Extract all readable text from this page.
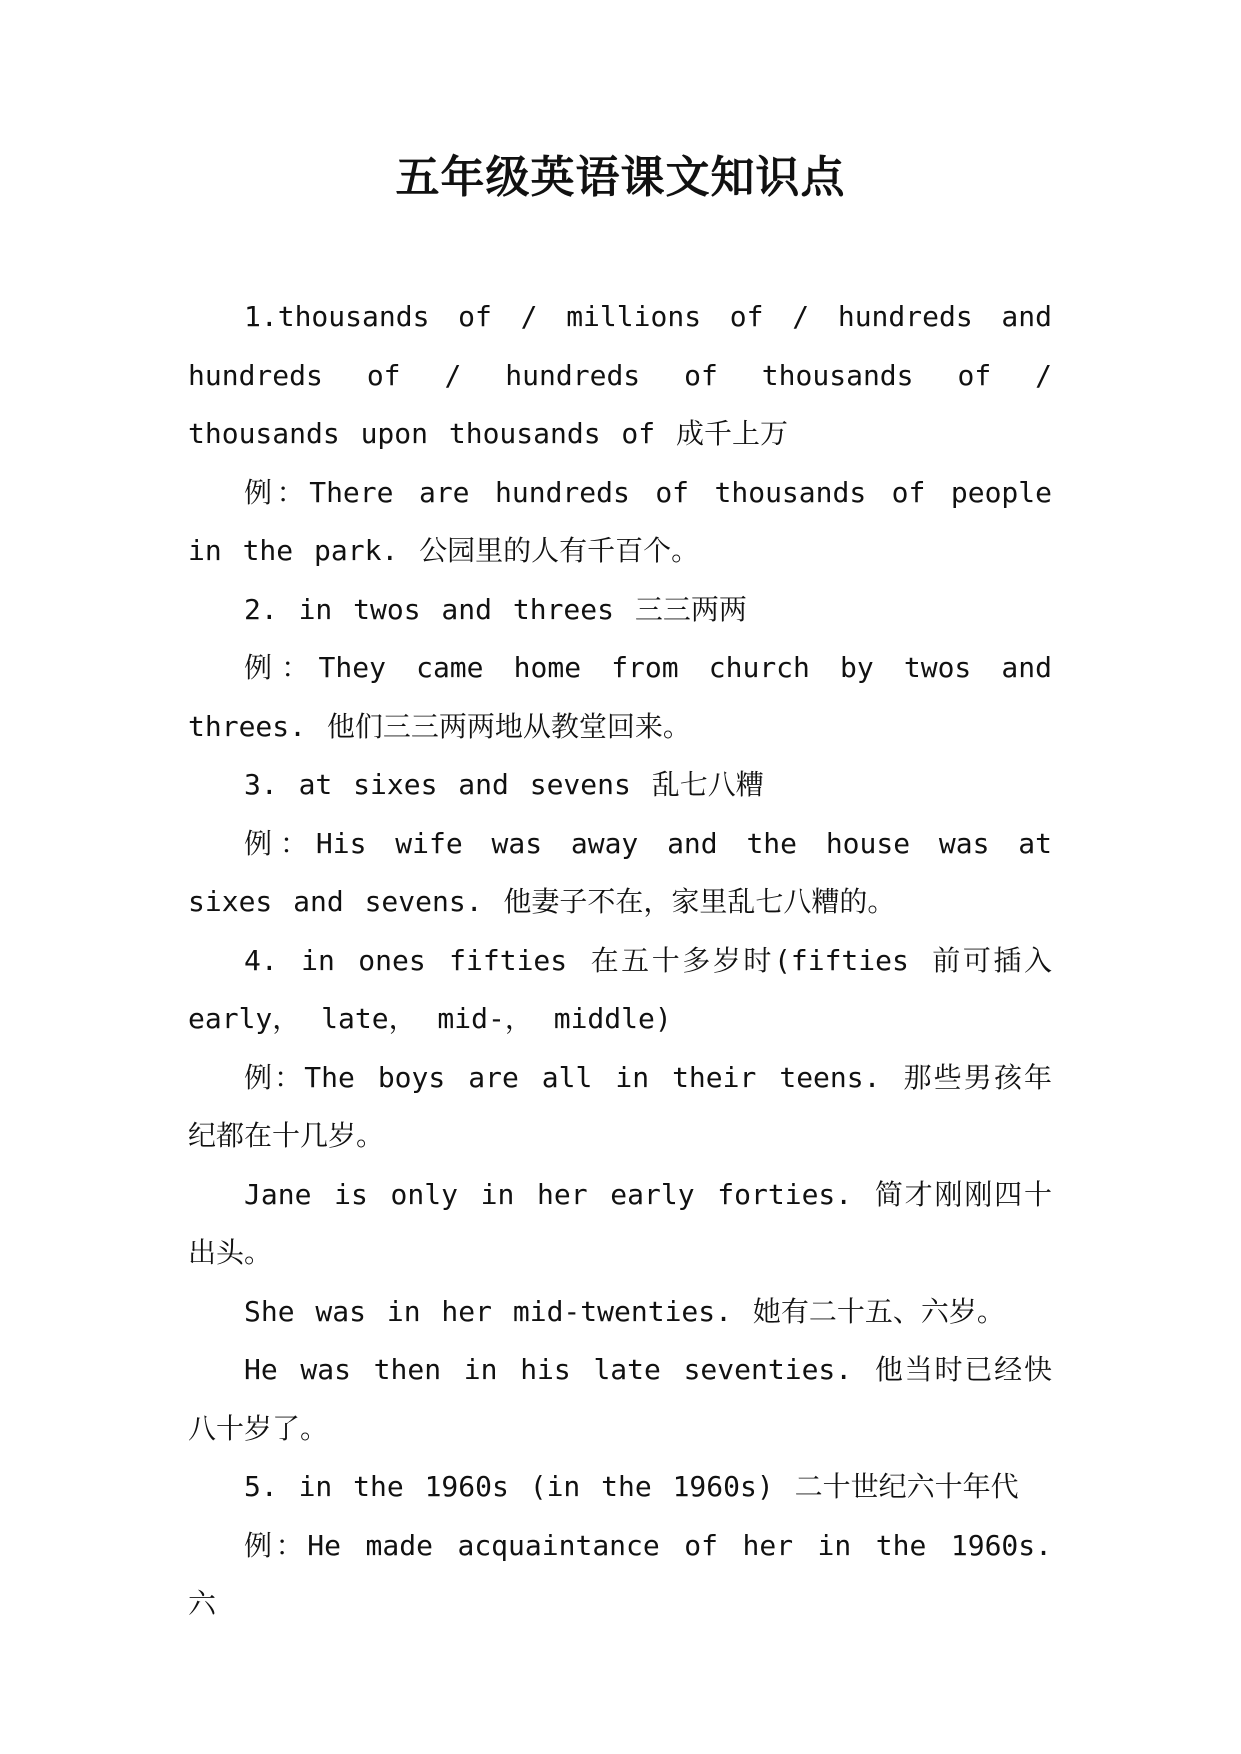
五年级英语课文知识点

1.thousands of / millions of / hundreds and hundreds of / hundreds of thousands of / thousands upon thousands of 成千上万

例：There are hundreds of thousands of people in the park. 公园里的人有千百个。

2. in twos and threes 三三两两

例：They came home from church by twos and threes. 他们三三两两地从教堂回来。

3. at sixes and sevens 乱七八糟

例：His wife was away and the house was at sixes and sevens. 他妻子不在，家里乱七八糟的。

4. in ones fifties 在五十多岁时(fifties 前可插入 early， late， mid-， middle)

例：The boys are all in their teens. 那些男孩年纪都在十几岁。

Jane is only in her early forties. 简才刚刚四十出头。

She was in her mid-twenties. 她有二十五、六岁。

He was then in his late seventies. 他当时已经快八十岁了。

5. in the 1960s (in the 1960s) 二十世纪六十年代

例：He made acquaintance of her in the 1960s. 六
